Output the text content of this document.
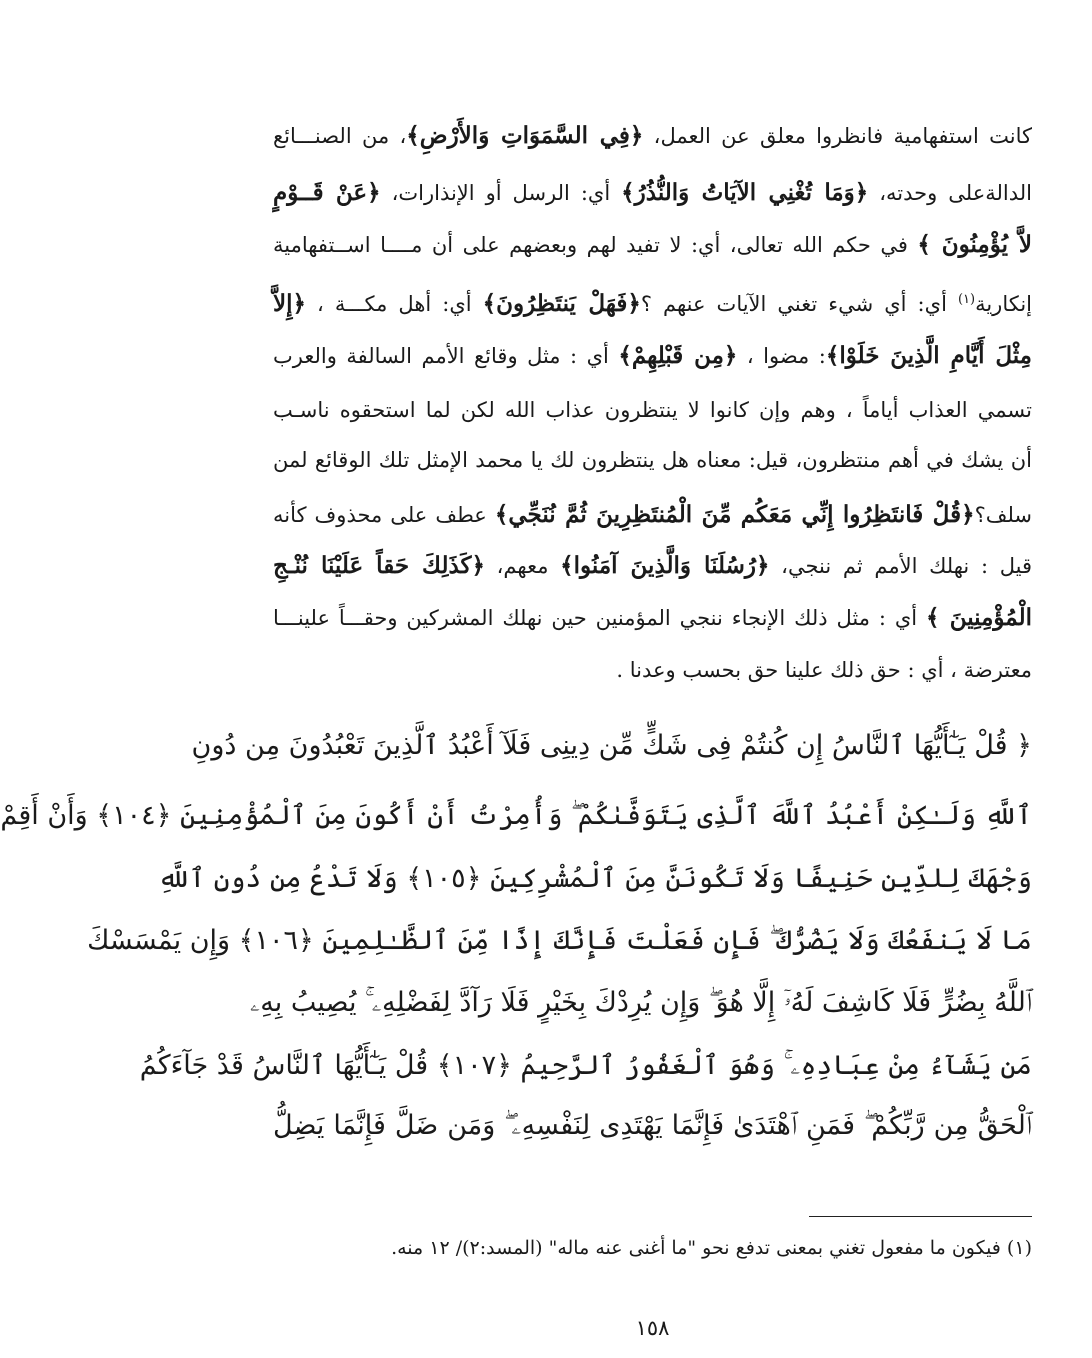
كانت استفهامية فانظروا معلق عن العمل، ﴿فِي السَّمَوَاتِ وَالأَرْضِ﴾، من الصنـــائع
الدالةعلى وحدته، ﴿وَمَا تُغْنِي الآيَاتُ وَالنُّذُرُ﴾ أي: الرسل أو الإنذارات، ﴿عَنْ قَــوْمٍ
لاَّ يُؤْمِنُونَ ﴾ في حكم الله تعالى، أي: لا تفيد لهم وبعضهم على أن مــــا اســتفهامية
إنكارية$^{(١)}$ أي: أي شيء تغني الآيات عنهم ؟﴿فَهَلْ يَنتَظِرُونَ﴾ أي: أهل مكـــة ، ﴿إِلاَّ
مِثْلَ أَيَّامِ الَّذِينَ خَلَوْا﴾: مضوا ، ﴿مِن قَبْلِهِمْ﴾ أي : مثل وقائع الأمم السالفة والعرب
تسمي العذاب أياماً ، وهم وإن كانوا لا ينتظرون عذاب الله لكن لما استحقوه ناسـب
أن يشك في أهم منتظرون، قيل: معناه هل ينتظرون لك يا محمد الإمثل تلك الوقائع لمن
سلف؟﴿قُلْ فَانتَظِرُوا إِنِّي مَعَكُم مِّنَ الْمُنتَظِرِينَ ثُمَّ نُنَجِّي﴾ عطف على محذوف كأنه
قيل : نهلك الأمم ثم ننجي، ﴿رُسُلَنَا وَالَّذِينَ آمَنُوا﴾ معهم، ﴿كَذَلِكَ حَقاً عَلَيْنَا نُنْـجِ
الْمُؤْمِنِينَ ﴾ أي : مثل ذلك الإنجاء ننجي المؤمنين حين نهلك المشركين وحقـــاً علينـــا
معترضة ، أي : حق ذلك علينا حق بحسب وعدنا .
﴿ قُلْ يَـٰٓأَيُّهَا ٱلنَّاسُ إِن كُنتُمْ فِى شَكٍّ مِّن دِينِى فَلَآ أَعْبُدُ ٱلَّذِينَ تَعْبُدُونَ مِن دُونِ
ٱللَّهِ وَلَـٰكِنْ أَعْبُدُ ٱللَّهَ ٱلَّذِى يَتَوَفَّىٰكُمْ ۖ وَأُمِرْتُ أَنْ أَكُونَ مِنَ ٱلْمُؤْمِنِينَ ﴿١٠٤﴾ وَأَنْ أَقِمْ
وَجْهَكَ لِلدِّينِ حَنِيفًا وَلَا تَكُونَنَّ مِنَ ٱلْمُشْرِكِينَ ﴿١٠٥﴾ وَلَا تَدْعُ مِن دُونِ ٱللَّهِ
مَا لَا يَنفَعُكَ وَلَا يَضُرُّكَ ۖ فَإِن فَعَلْتَ فَإِنَّكَ إِذًا مِّنَ ٱلظَّـٰلِمِينَ ﴿١٠٦﴾ وَإِن يَمْسَسْكَ
ٱللَّهُ بِضُرٍّ فَلَا كَاشِفَ لَهُۥٓ إِلَّا هُوَ ۖ وَإِن يُرِدْكَ بِخَيْرٍ فَلَا رَآدَّ لِفَضْلِهِۦ ۚ يُصِيبُ بِهِۦ
مَن يَشَآءُ مِنْ عِبَادِهِۦ ۚ وَهُوَ ٱلْغَفُورُ ٱلرَّحِيمُ ﴿١٠٧﴾ قُلْ يَـٰٓأَيُّهَا ٱلنَّاسُ قَدْ جَآءَكُمُ
ٱلْحَقُّ مِن رَّبِّكُمْ ۖ فَمَنِ ٱهْتَدَىٰ فَإِنَّمَا يَهْتَدِى لِنَفْسِهِۦ ۖ وَمَن ضَلَّ فَإِنَّمَا يَضِلُّ
(١) فيكون ما مفعول تغني بمعنى تدفع نحو "ما أغنى عنه ماله" (المسد:٢)/ ١٢ منه.
١٥٨
